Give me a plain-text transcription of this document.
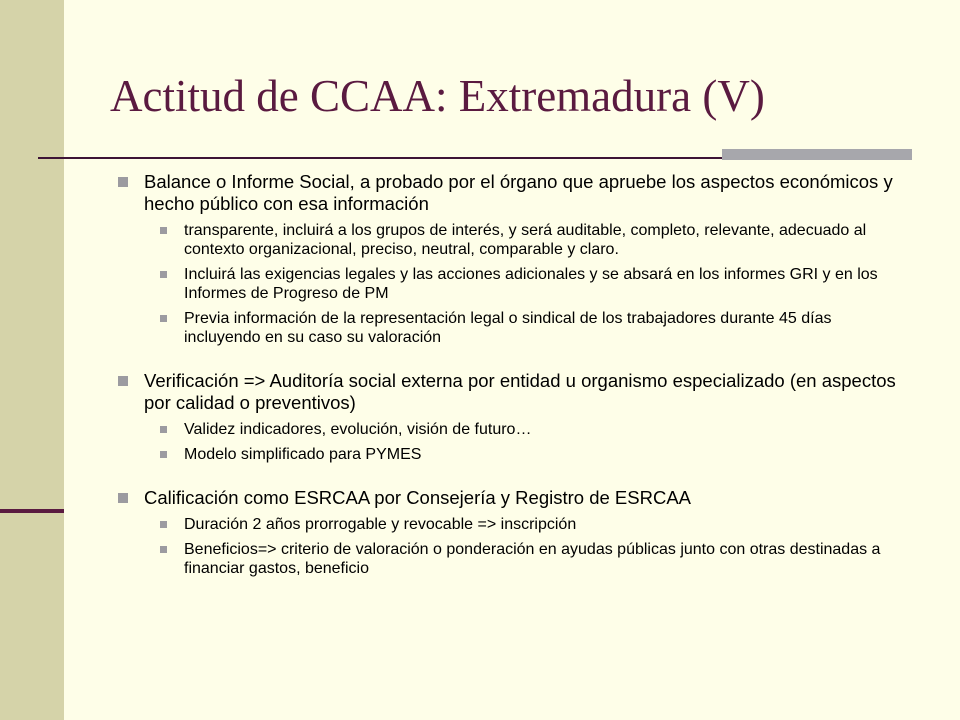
Actitud de CCAA: Extremadura (V)
Balance o Informe Social, a probado por el órgano que apruebe los aspectos económicos y hecho público con esa información
transparente, incluirá a los grupos de interés, y será auditable, completo, relevante, adecuado al contexto organizacional, preciso, neutral, comparable y claro.
Incluirá las exigencias legales y las acciones adicionales y se absará en los informes GRI y en los Informes de Progreso de PM
Previa información de la representación legal o sindical de los trabajadores durante 45 días incluyendo en su caso su valoración
Verificación => Auditoría social externa por entidad u organismo especializado (en aspectos por calidad o preventivos)
Validez indicadores, evolución, visión de futuro…
Modelo simplificado para PYMES
Calificación como ESRCAA por Consejería y Registro de ESRCAA
Duración 2 años prorrogable y revocable => inscripción
Beneficios=> criterio de valoración o ponderación en ayudas públicas junto con otras destinadas a financiar gastos, beneficio
